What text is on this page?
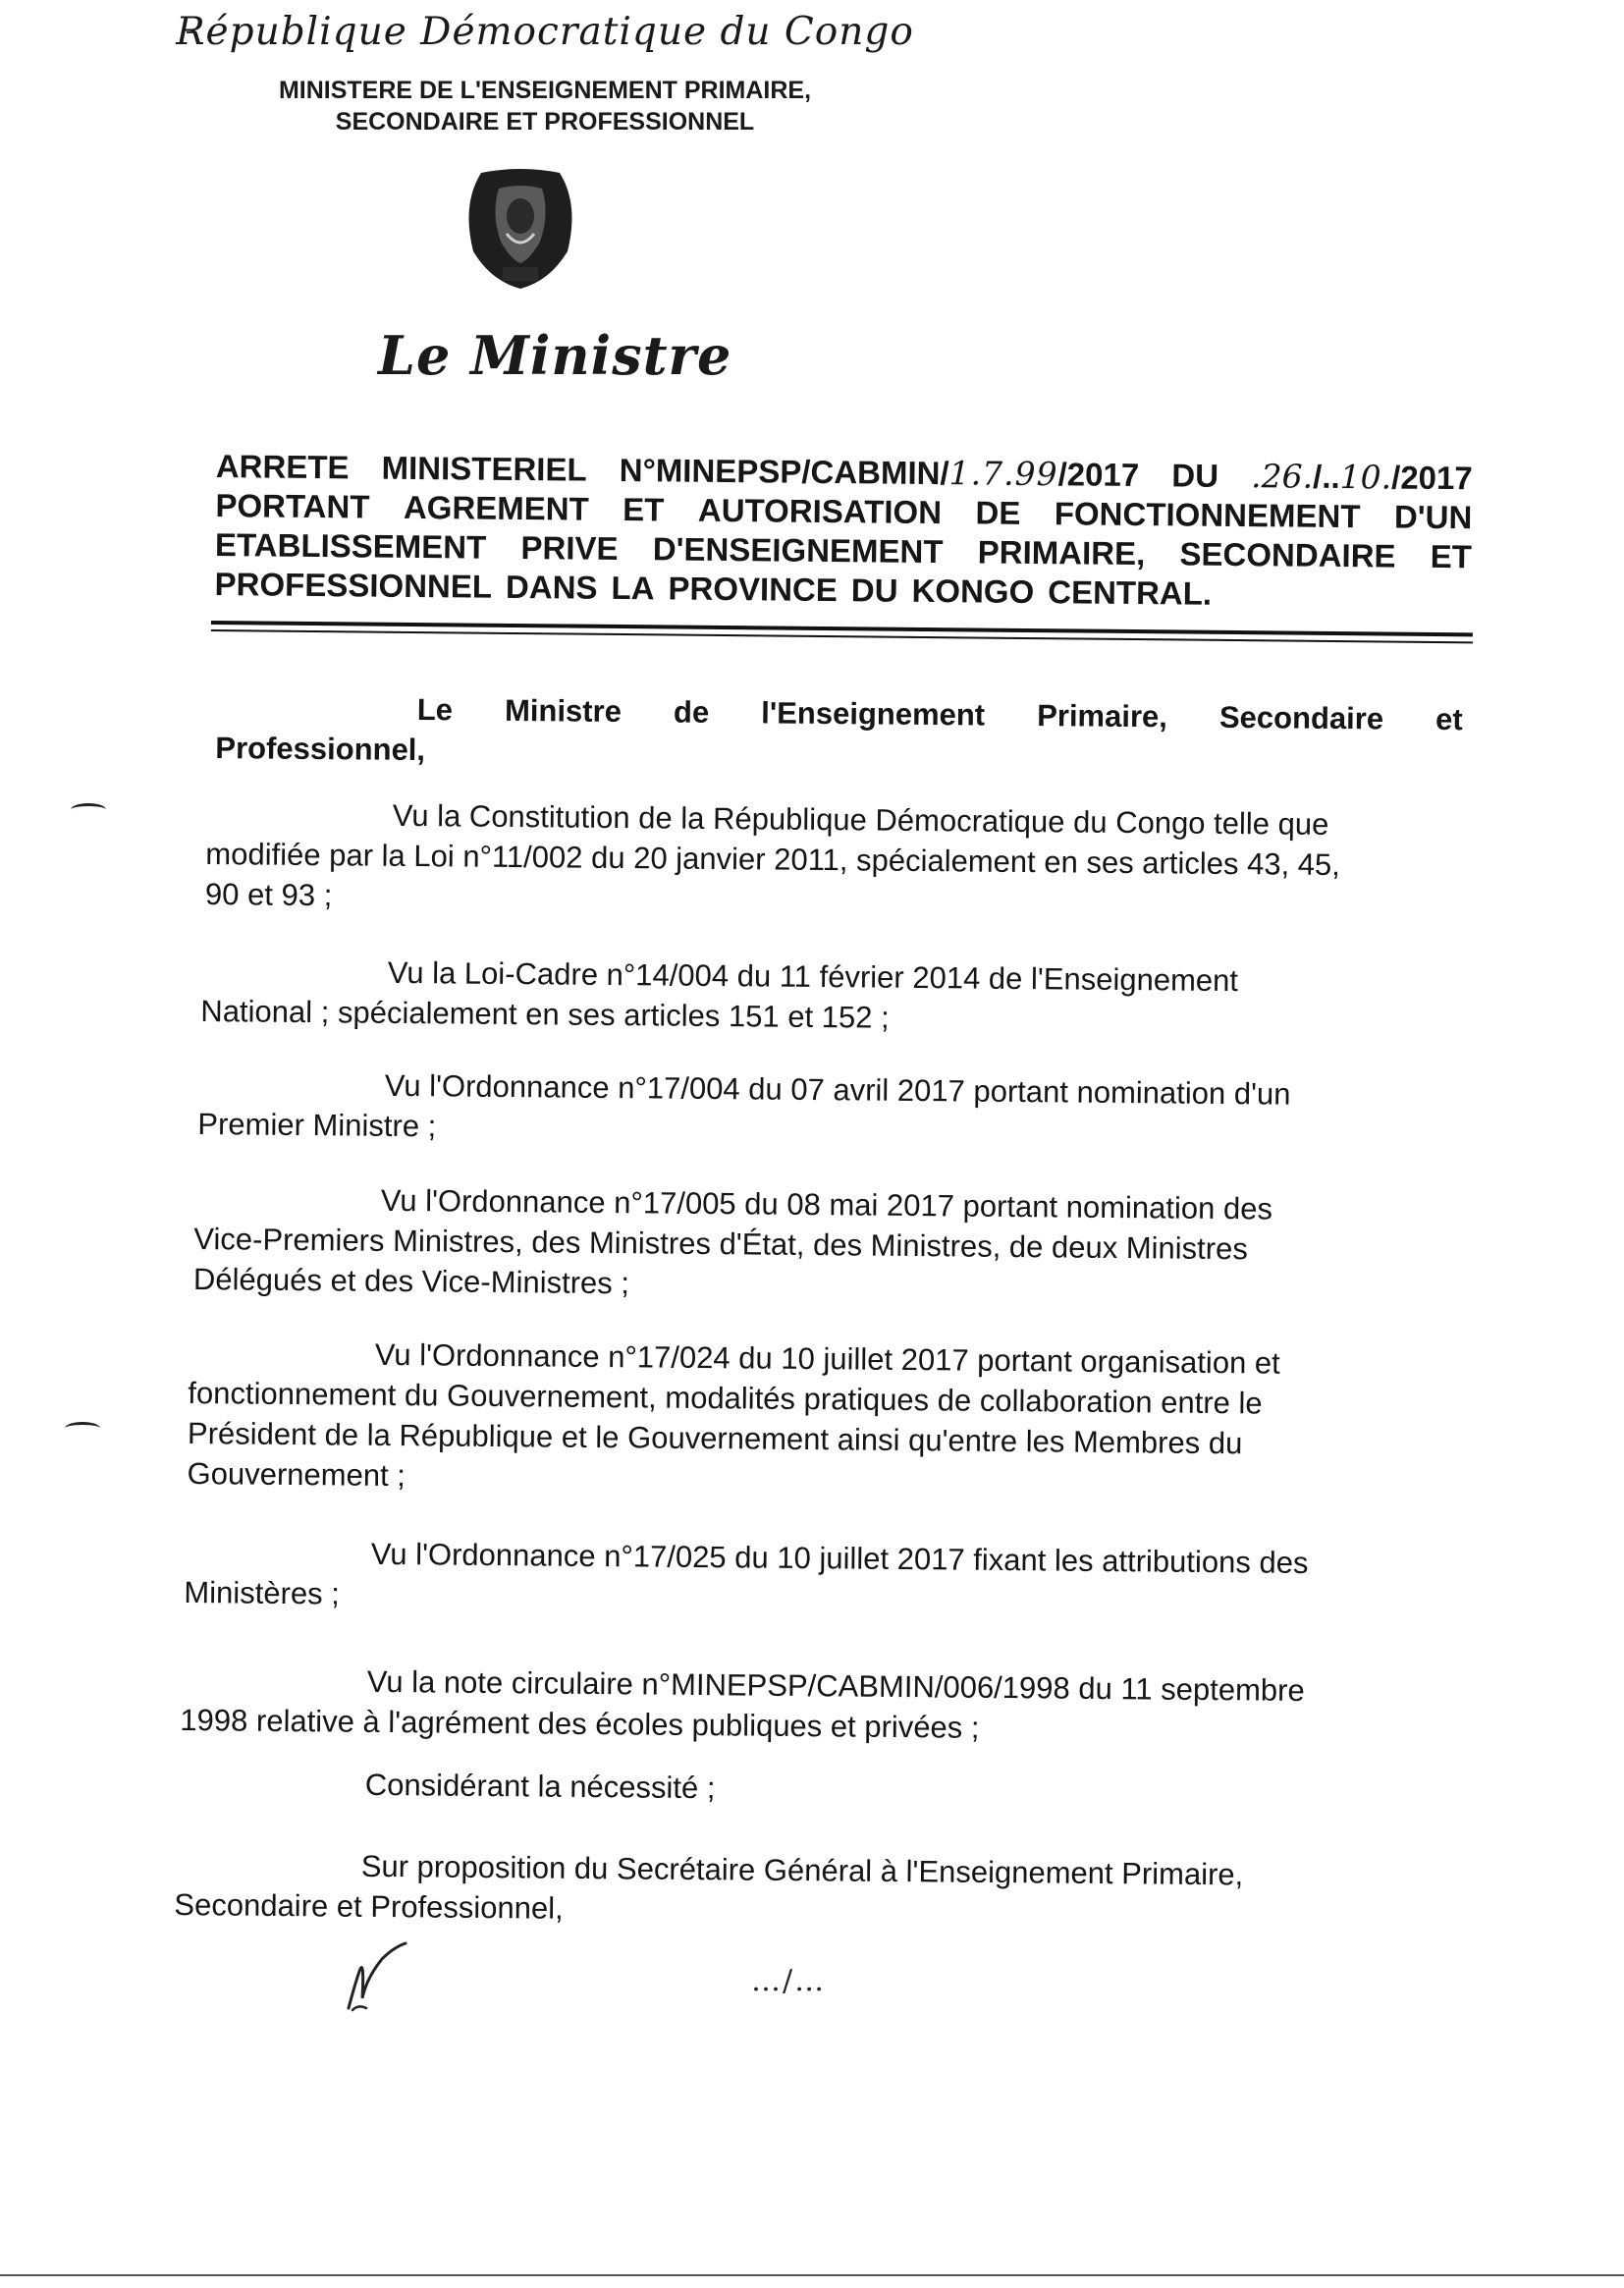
République Démocratique du Congo
MINISTERE DE L'ENSEIGNEMENT PRIMAIRE,
SECONDAIRE ET PROFESSIONNEL
Le Ministre
ARRETE MINISTERIEL N°MINEPSP/CABMIN/1.7.99/2017 DU .26./..10./2017
PORTANT AGREMENT ET AUTORISATION DE FONCTIONNEMENT D'UN
ETABLISSEMENT PRIVE D'ENSEIGNEMENT PRIMAIRE, SECONDAIRE ET
PROFESSIONNEL DANS LA PROVINCE DU KONGO CENTRAL.
Le Ministre de l'Enseignement Primaire, Secondaire et
Professionnel,
Vu la Constitution de la République Démocratique du Congo telle que
modifiée par la Loi n°11/002 du 20 janvier 2011, spécialement en ses articles 43, 45,
90 et 93 ;
Vu la Loi-Cadre n°14/004 du 11 février 2014 de l'Enseignement
National ; spécialement en ses articles 151 et 152 ;
Vu l'Ordonnance n°17/004 du 07 avril 2017 portant nomination d'un
Premier Ministre ;
Vu l'Ordonnance n°17/005 du 08 mai 2017 portant nomination des
Vice-Premiers Ministres, des Ministres d'État, des Ministres, de deux Ministres
Délégués et des Vice-Ministres ;
Vu l'Ordonnance n°17/024 du 10 juillet 2017 portant organisation et
fonctionnement du Gouvernement, modalités pratiques de collaboration entre le
Président de la République et le Gouvernement ainsi qu'entre les Membres du
Gouvernement ;
Vu l'Ordonnance n°17/025 du 10 juillet 2017 fixant les attributions des
Ministères ;
Vu la note circulaire n°MINEPSP/CABMIN/006/1998 du 11 septembre
1998 relative à l'agrément des écoles publiques et privées ;
Considérant la nécessité ;
Sur proposition du Secrétaire Général à l'Enseignement Primaire,
Secondaire et Professionnel,
…/…
